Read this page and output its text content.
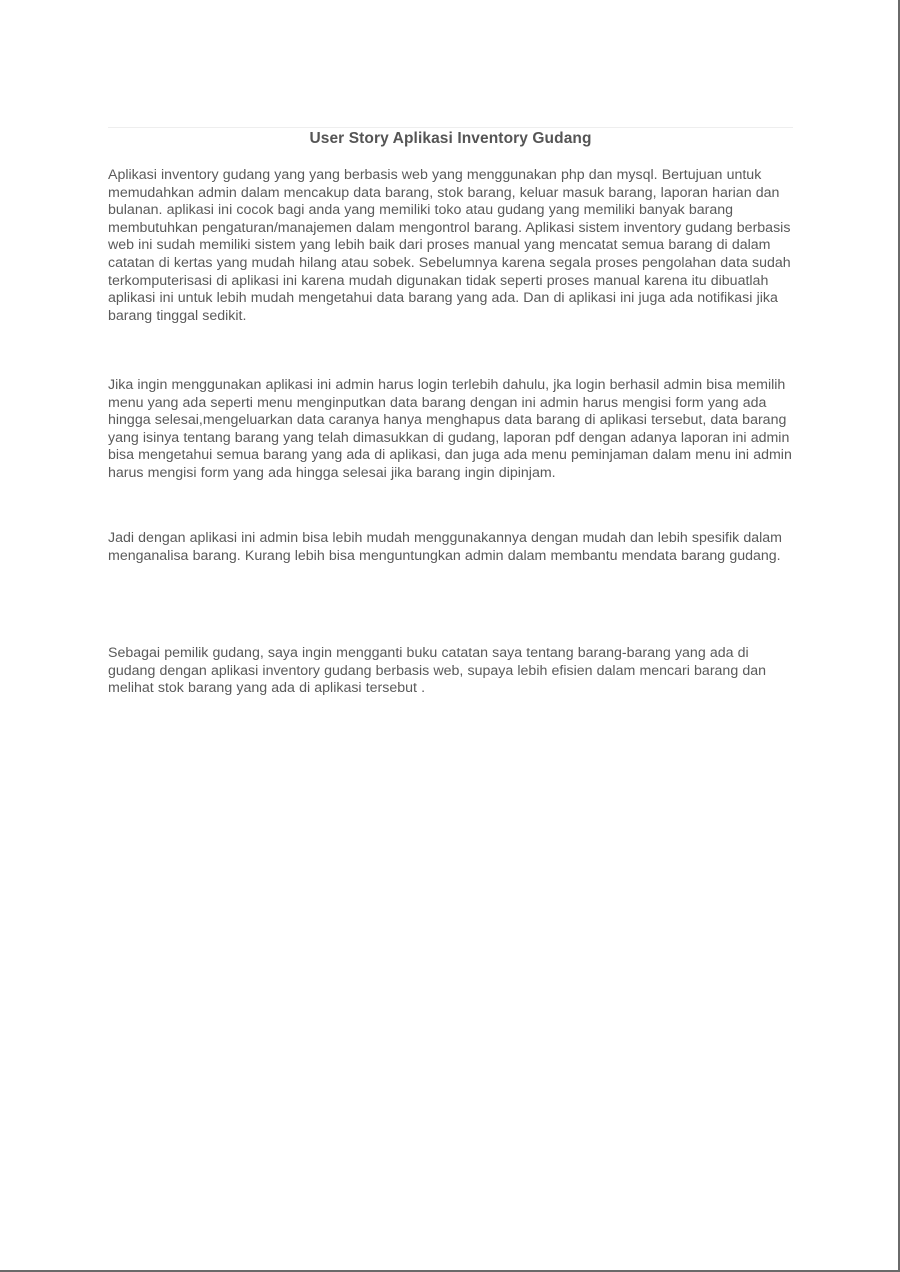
User Story Aplikasi Inventory Gudang

Aplikasi inventory gudang yang yang berbasis web yang menggunakan php dan mysql. Bertujuan untuk memudahkan admin dalam mencakup data barang, stok barang, keluar masuk barang, laporan harian dan bulanan. aplikasi ini cocok bagi anda yang memiliki toko atau gudang yang memiliki banyak barang membutuhkan pengaturan/manajemen dalam mengontrol barang. Aplikasi sistem inventory gudang berbasis web ini sudah memiliki sistem yang lebih baik dari proses manual yang mencatat semua barang di dalam catatan di kertas yang mudah hilang atau sobek. Sebelumnya karena segala proses pengolahan data sudah terkomputerisasi di aplikasi ini karena mudah digunakan tidak seperti proses manual karena itu dibuatlah aplikasi ini untuk lebih mudah mengetahui data barang yang ada. Dan di aplikasi ini juga ada notifikasi jika barang tinggal sedikit.

Jika ingin menggunakan aplikasi ini admin harus login terlebih dahulu, jka login berhasil admin bisa memilih menu yang ada seperti menu menginputkan data barang dengan ini admin harus mengisi form yang ada hingga selesai,mengeluarkan data caranya hanya menghapus data barang di aplikasi tersebut, data barang yang isinya tentang barang yang telah dimasukkan di gudang, laporan pdf dengan adanya laporan ini admin bisa mengetahui semua barang yang ada di aplikasi, dan juga ada menu peminjaman dalam menu ini admin harus mengisi form yang ada hingga selesai jika barang ingin dipinjam.

Jadi dengan aplikasi ini admin bisa lebih mudah menggunakannya dengan mudah dan lebih spesifik dalam menganalisa barang. Kurang lebih bisa menguntungkan admin dalam membantu mendata barang gudang.

Sebagai pemilik gudang, saya ingin mengganti buku catatan saya tentang barang-barang yang ada di gudang dengan aplikasi inventory gudang berbasis web, supaya lebih efisien dalam mencari barang dan melihat stok barang yang ada di aplikasi tersebut .
